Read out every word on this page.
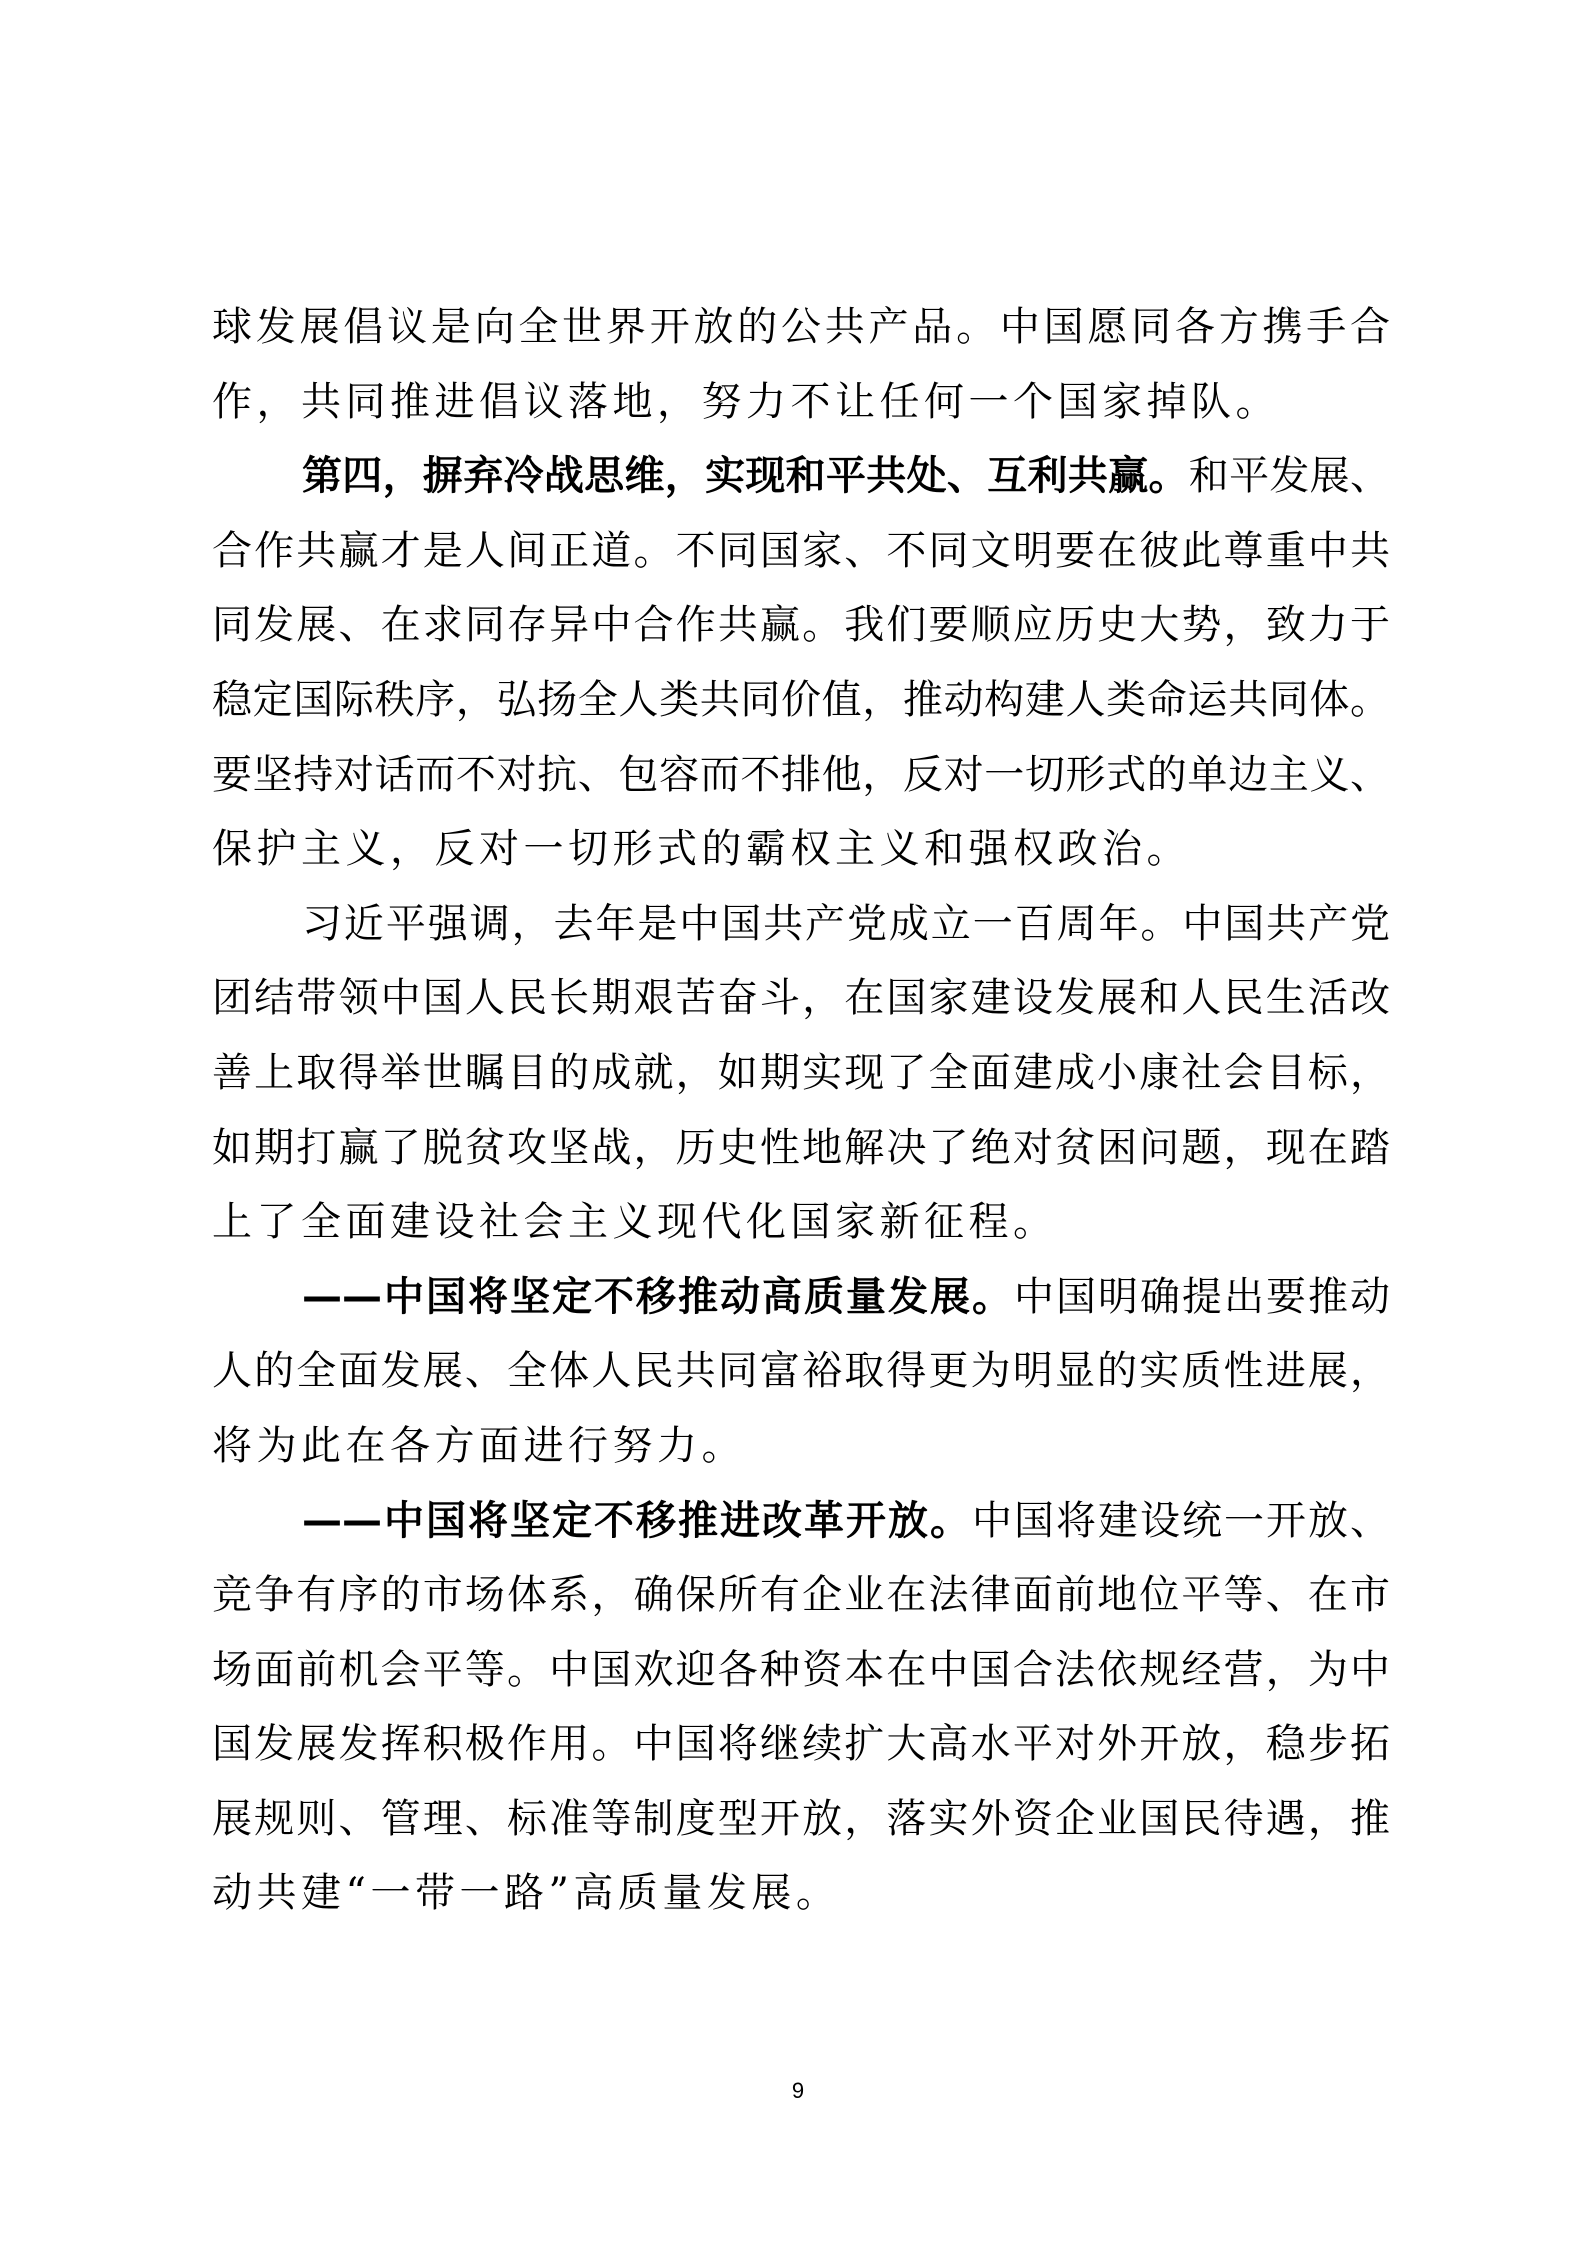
球发展倡议是向全世界开放的公共产品。中国愿同各方携手合
作，共同推进倡议落地，努力不让任何一个国家掉队。
第四，摒弃冷战思维，实现和平共处、互利共赢。和平发展、
合作共赢才是人间正道。不同国家、不同文明要在彼此尊重中共
同发展、在求同存异中合作共赢。我们要顺应历史大势，致力于
稳定国际秩序，弘扬全人类共同价值，推动构建人类命运共同体。
要坚持对话而不对抗、包容而不排他，反对一切形式的单边主义、
保护主义，反对一切形式的霸权主义和强权政治。
习近平强调，去年是中国共产党成立一百周年。中国共产党
团结带领中国人民长期艰苦奋斗，在国家建设发展和人民生活改
善上取得举世瞩目的成就，如期实现了全面建成小康社会目标，
如期打赢了脱贫攻坚战，历史性地解决了绝对贫困问题，现在踏
上了全面建设社会主义现代化国家新征程。
——中国将坚定不移推动高质量发展。中国明确提出要推动
人的全面发展、全体人民共同富裕取得更为明显的实质性进展，
将为此在各方面进行努力。
——中国将坚定不移推进改革开放。中国将建设统一开放、
竞争有序的市场体系，确保所有企业在法律面前地位平等、在市
场面前机会平等。中国欢迎各种资本在中国合法依规经营，为中
国发展发挥积极作用。中国将继续扩大高水平对外开放，稳步拓
展规则、管理、标准等制度型开放，落实外资企业国民待遇，推
动共建“一带一路”高质量发展。
9
